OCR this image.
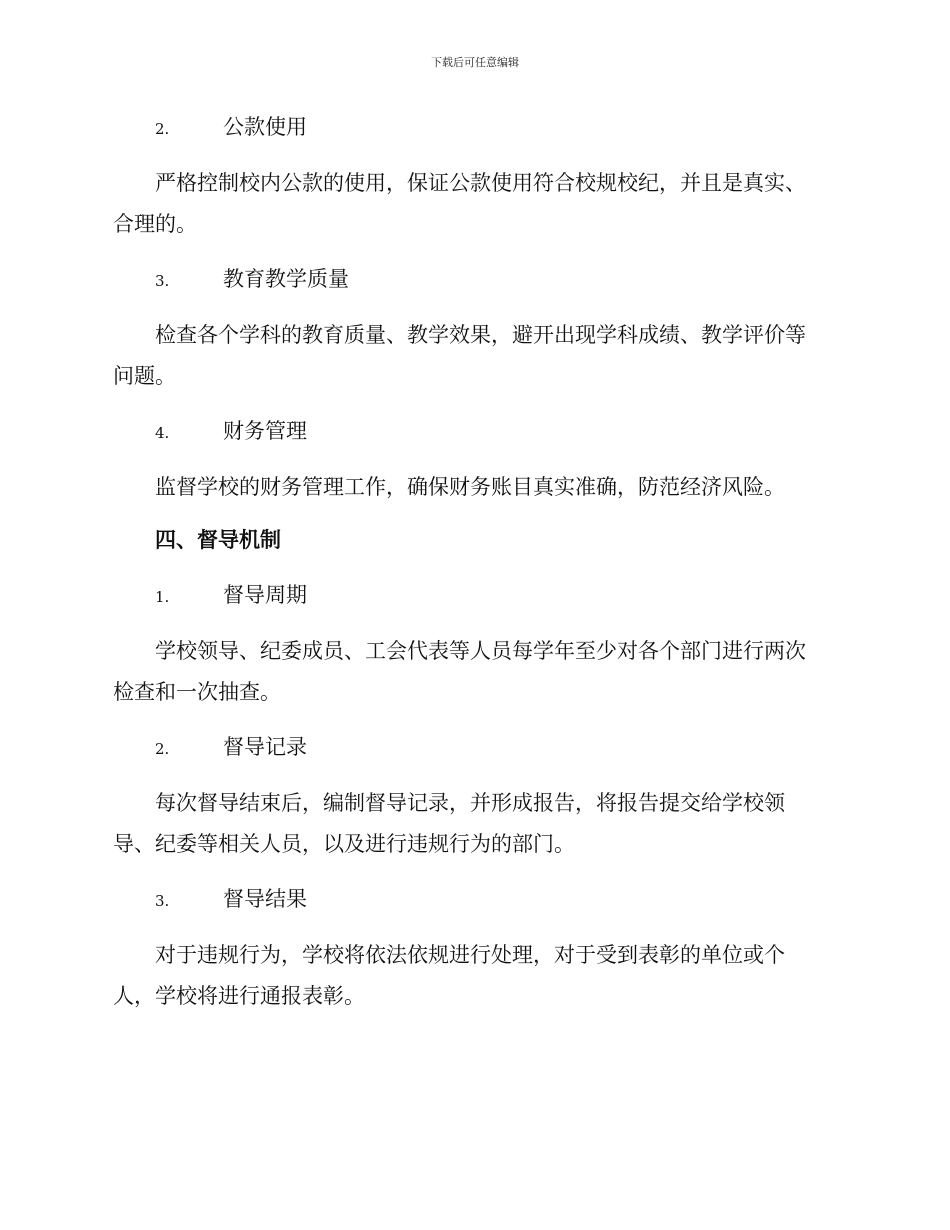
下载后可任意编辑
2.	公款使用
严格控制校内公款的使用，保证公款使用符合校规校纪，并且是真实、
合理的。
3.	教育教学质量
检查各个学科的教育质量、教学效果，避开出现学科成绩、教学评价等
问题。
4.	财务管理
监督学校的财务管理工作，确保财务账目真实准确，防范经济风险。
四、督导机制
1.	督导周期
学校领导、纪委成员、工会代表等人员每学年至少对各个部门进行两次
检查和一次抽查。
2.	督导记录
每次督导结束后，编制督导记录，并形成报告，将报告提交给学校领
导、纪委等相关人员，以及进行违规行为的部门。
3.	督导结果
对于违规行为，学校将依法依规进行处理，对于受到表彰的单位或个
人，学校将进行通报表彰。
